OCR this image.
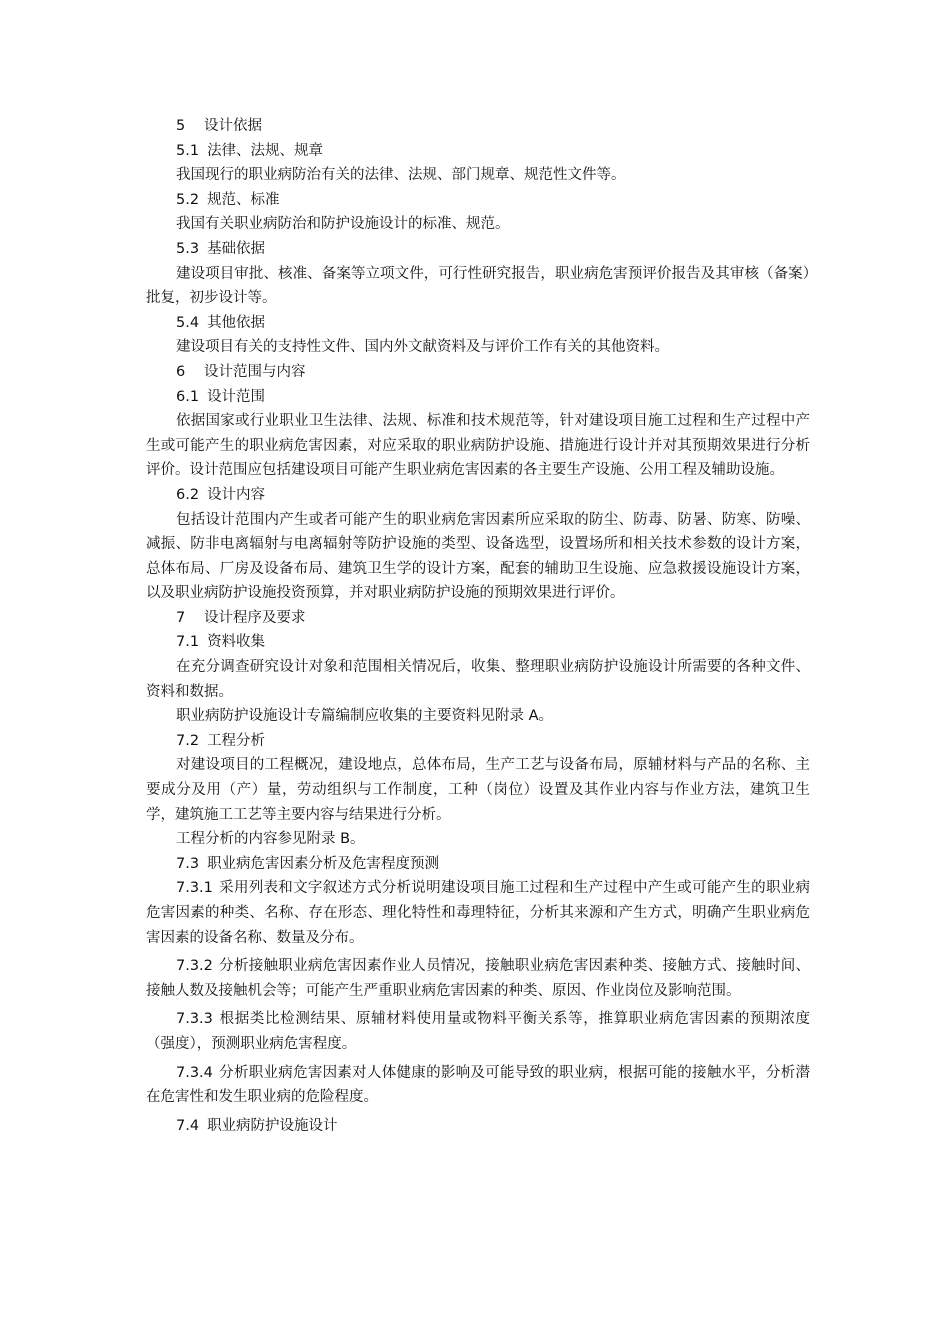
5 设计依据
5.1 法律、法规、规章

我国现行的职业病防治有关的法律、法规、部门规章、规范性文件等。

5.2 规范、标准

我国有关职业病防治和防护设施设计的标准、规范。

5.3 基础依据

建设项目审批、核准、备案等立项文件，可行性研究报告，职业病危害预评价报告及其审核（备案）批复，初步设计等。

5.4 其他依据

建设项目有关的支持性文件、国内外文献资料及与评价工作有关的其他资料。

6 设计范围与内容
6.1 设计范围

依据国家或行业职业卫生法律、法规、标准和技术规范等，针对建设项目施工过程和生产过程中产生或可能产生的职业病危害因素，对应采取的职业病防护设施、措施进行设计并对其预期效果进行分析评价。设计范围应包括建设项目可能产生职业病危害因素的各主要生产设施、公用工程及辅助设施。

6.2 设计内容

包括设计范围内产生或者可能产生的职业病危害因素所应采取的防尘、防毒、防暑、防寒、防噪、减振、防非电离辐射与电离辐射等防护设施的类型、设备选型，设置场所和相关技术参数的设计方案，总体布局、厂房及设备布局、建筑卫生学的设计方案，配套的辅助卫生设施、应急救援设施设计方案，以及职业病防护设施投资预算，并对职业病防护设施的预期效果进行评价。

7 设计程序及要求
7.1 资料收集

在充分调查研究设计对象和范围相关情况后，收集、整理职业病防护设施设计所需要的各种文件、资料和数据。

职业病防护设施设计专篇编制应收集的主要资料见附录 A。

7.2 工程分析

对建设项目的工程概况，建设地点，总体布局，生产工艺与设备布局，原辅材料与产品的名称、主要成分及用（产）量，劳动组织与工作制度，工种（岗位）设置及其作业内容与作业方法，建筑卫生学，建筑施工工艺等主要内容与结果进行分析。

工程分析的内容参见附录 B。

7.3 职业病危害因素分析及危害程度预测

7.3.1 采用列表和文字叙述方式分析说明建设项目施工过程和生产过程中产生或可能产生的职业病危害因素的种类、名称、存在形态、理化特性和毒理特征，分析其来源和产生方式，明确产生职业病危害因素的设备名称、数量及分布。

7.3.2 分析接触职业病危害因素作业人员情况，接触职业病危害因素种类、接触方式、接触时间、接触人数及接触机会等；可能产生严重职业病危害因素的种类、原因、作业岗位及影响范围。

7.3.3 根据类比检测结果、原辅材料使用量或物料平衡关系等，推算职业病危害因素的预期浓度（强度），预测职业病危害程度。

7.3.4 分析职业病危害因素对人体健康的影响及可能导致的职业病，根据可能的接触水平，分析潜在危害性和发生职业病的危险程度。

7.4 职业病防护设施设计
